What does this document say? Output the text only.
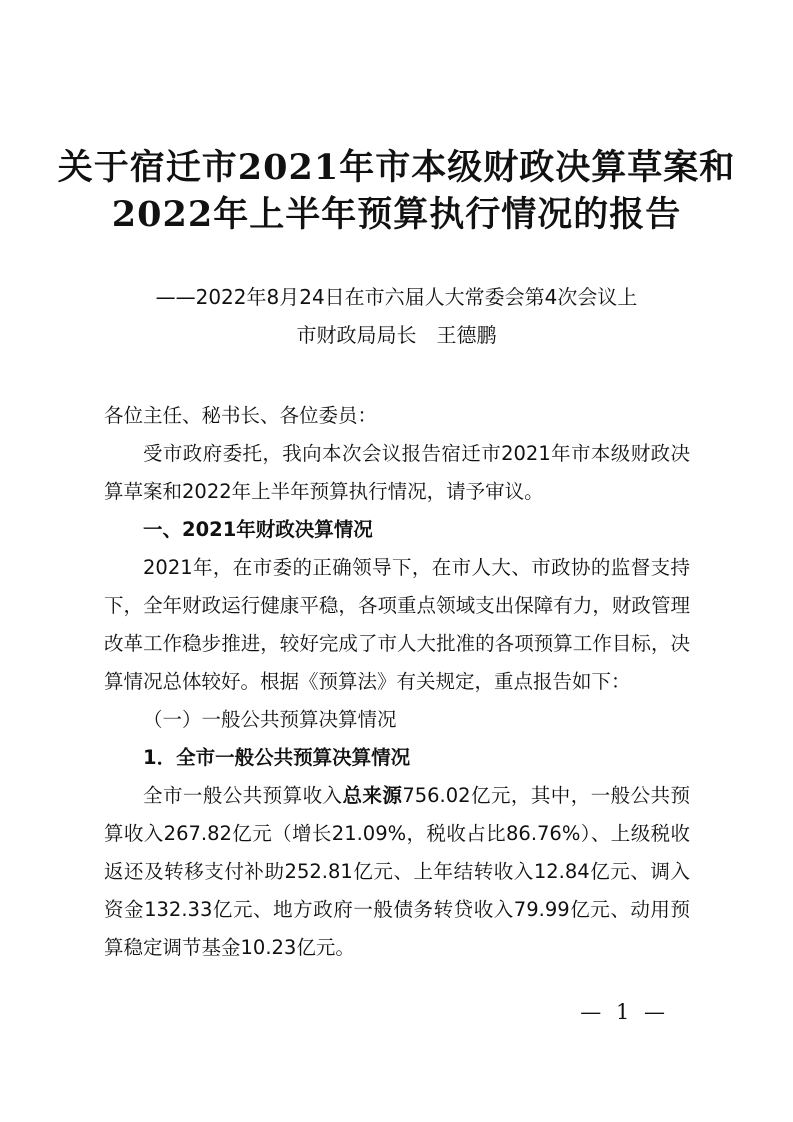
关于宿迁市2021年市本级财政决算草案和
2022年上半年预算执行情况的报告
——2022年8月24日在市六届人大常委会第4次会议上
市财政局局长　王德鹏

各位主任、秘书长、各位委员：

受市政府委托，我向本次会议报告宿迁市2021年市本级财政决算草案和2022年上半年预算执行情况，请予审议。

一、2021年财政决算情况

2021年，在市委的正确领导下，在市人大、市政协的监督支持下，全年财政运行健康平稳，各项重点领域支出保障有力，财政管理改革工作稳步推进，较好完成了市人大批准的各项预算工作目标，决算情况总体较好。根据《预算法》有关规定，重点报告如下：

（一）一般公共预算决算情况

1．全市一般公共预算决算情况

全市一般公共预算收入总来源756.02亿元，其中，一般公共预算收入267.82亿元（增长21.09%，税收占比86.76%）、上级税收返还及转移支付补助252.81亿元、上年结转收入12.84亿元、调入资金132.33亿元、地方政府一般债务转贷收入79.99亿元、动用预算稳定调节基金10.23亿元。

— 1 —
